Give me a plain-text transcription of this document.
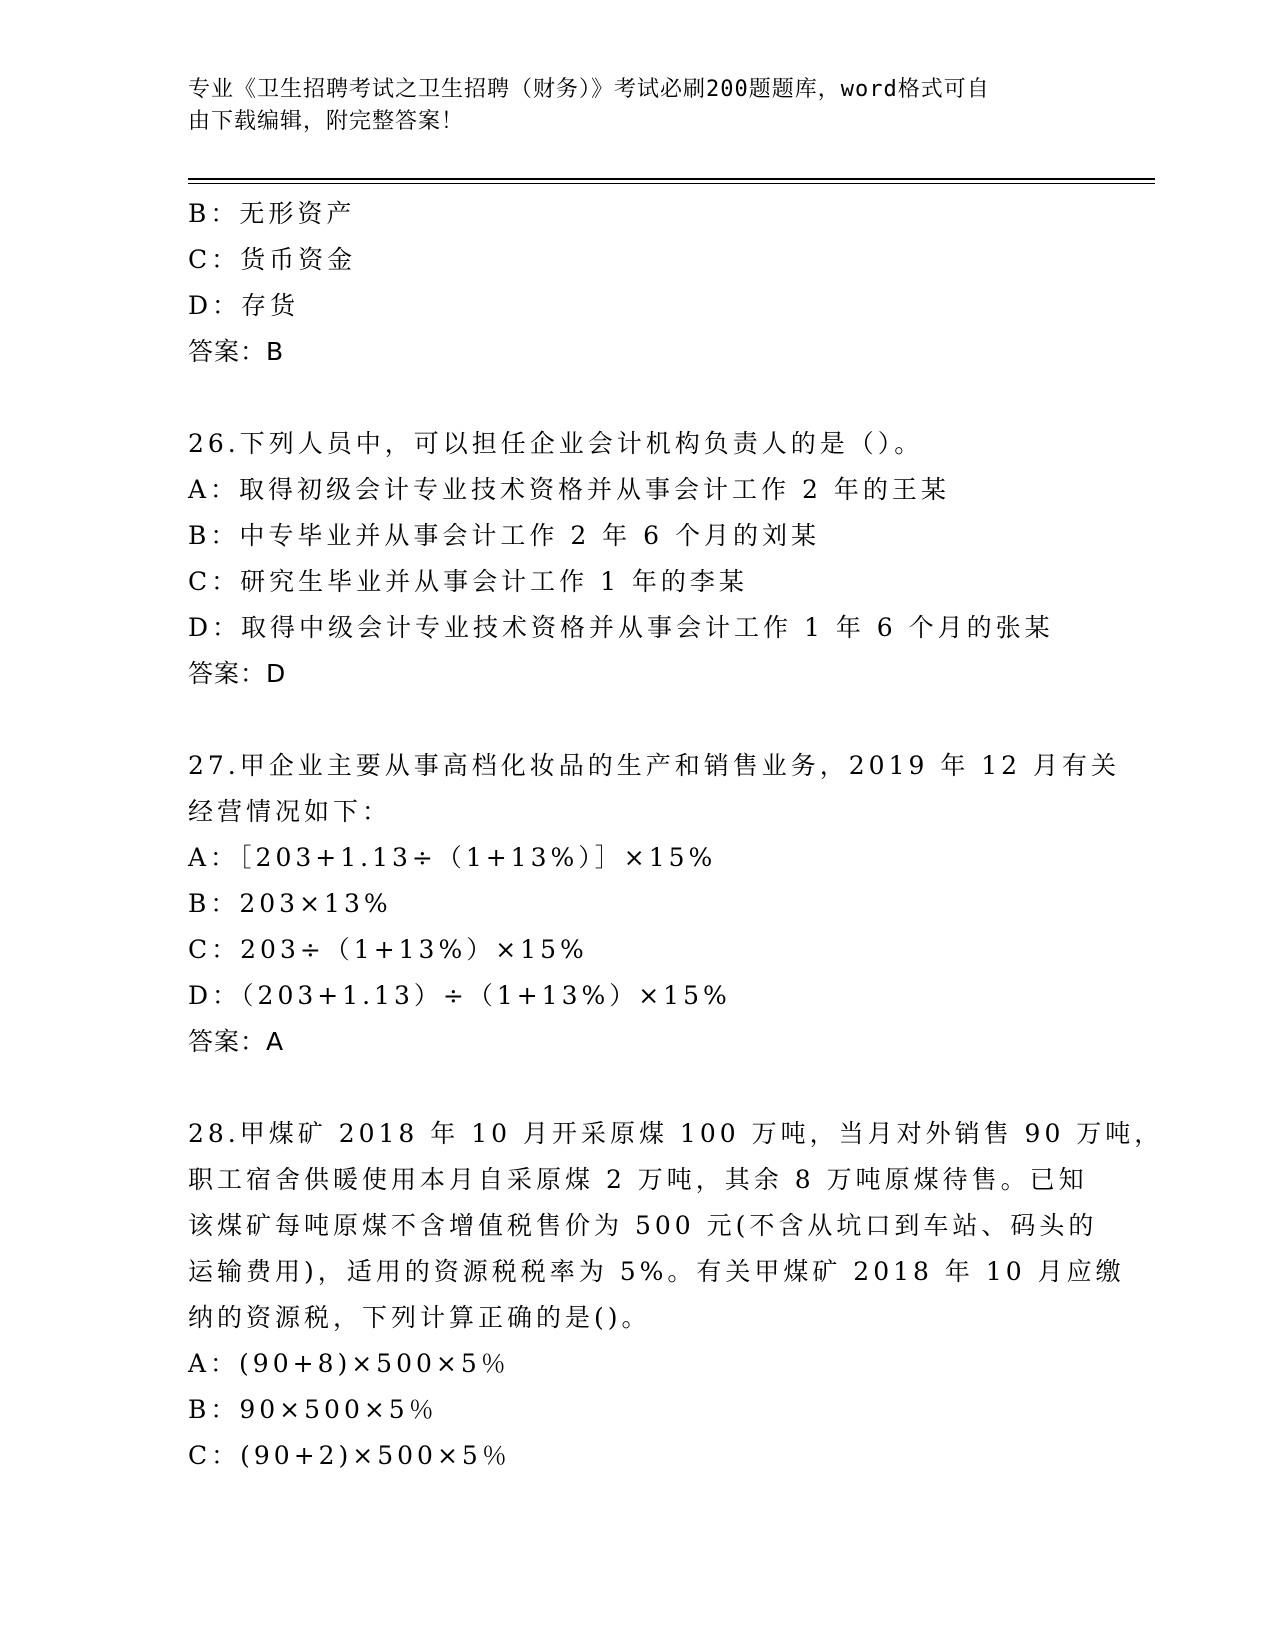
专业《卫生招聘考试之卫生招聘（财务）》考试必刷200题题库，word格式可自
由下载编辑，附完整答案！
B：无形资产
C：货币资金
D：存货
答案：B
26.下列人员中，可以担任企业会计机构负责人的是（）。
A：取得初级会计专业技术资格并从事会计工作 2 年的王某
B：中专毕业并从事会计工作 2 年 6 个月的刘某
C：研究生毕业并从事会计工作 1 年的李某
D：取得中级会计专业技术资格并从事会计工作 1 年 6 个月的张某
答案：D
27.甲企业主要从事高档化妆品的生产和销售业务，2019 年 12 月有关
经营情况如下：
A：［203+1.13÷（1+13%）］×15%
B：203×13%
C：203÷（1+13%）×15%
D：（203+1.13）÷（1+13%）×15%
答案：A
28.甲煤矿 2018 年 10 月开采原煤 100 万吨，当月对外销售 90 万吨，
职工宿舍供暖使用本月自采原煤 2 万吨，其余 8 万吨原煤待售。已知
该煤矿每吨原煤不含增值税售价为 500 元(不含从坑口到车站、码头的
运输费用)，适用的资源税税率为 5%。有关甲煤矿 2018 年 10 月应缴
纳的资源税，下列计算正确的是()。
A：(90+8)×500×5％
B：90×500×5％
C：(90+2)×500×5％
